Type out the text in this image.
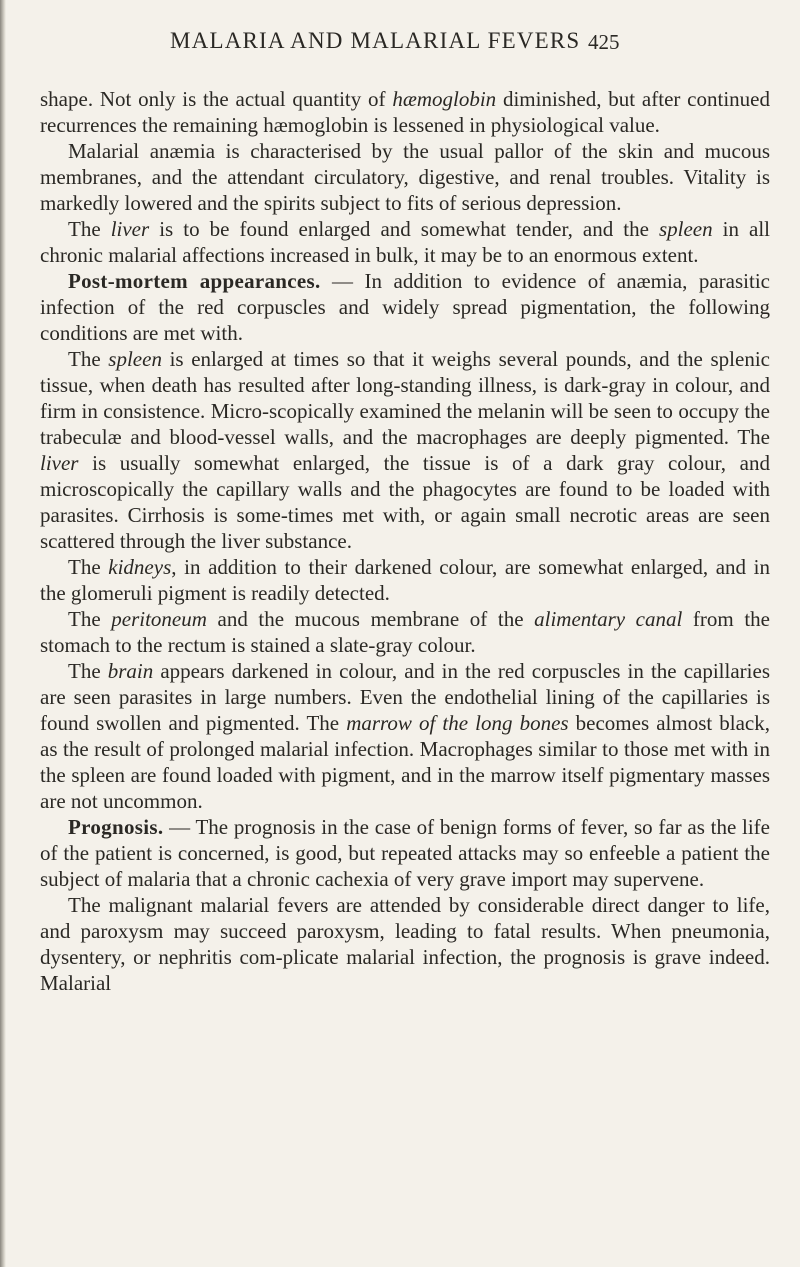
MALARIA AND MALARIAL FEVERS 425

shape. Not only is the actual quantity of hæmoglobin diminished, but after continued recurrences the remaining hæmoglobin is lessened in physiological value.

Malarial anæmia is characterised by the usual pallor of the skin and mucous membranes, and the attendant circulatory, digestive, and renal troubles. Vitality is markedly lowered and the spirits subject to fits of serious depression.

The liver is to be found enlarged and somewhat tender, and the spleen in all chronic malarial affections increased in bulk, it may be to an enormous extent.

Post-mortem appearances. — In addition to evidence of anæmia, parasitic infection of the red corpuscles and widely spread pigmentation, the following conditions are met with.

The spleen is enlarged at times so that it weighs several pounds, and the splenic tissue, when death has resulted after long-standing illness, is dark-gray in colour, and firm in consistence. Micro-scopically examined the melanin will be seen to occupy the trabeculæ and blood-vessel walls, and the macrophages are deeply pigmented. The liver is usually somewhat enlarged, the tissue is of a dark gray colour, and microscopically the capillary walls and the phagocytes are found to be loaded with parasites. Cirrhosis is some-times met with, or again small necrotic areas are seen scattered through the liver substance.

The kidneys, in addition to their darkened colour, are somewhat enlarged, and in the glomeruli pigment is readily detected.

The peritoneum and the mucous membrane of the alimentary canal from the stomach to the rectum is stained a slate-gray colour.

The brain appears darkened in colour, and in the red corpuscles in the capillaries are seen parasites in large numbers. Even the endothelial lining of the capillaries is found swollen and pigmented. The marrow of the long bones becomes almost black, as the result of prolonged malarial infection. Macrophages similar to those met with in the spleen are found loaded with pigment, and in the marrow itself pigmentary masses are not uncommon.

Prognosis. — The prognosis in the case of benign forms of fever, so far as the life of the patient is concerned, is good, but repeated attacks may so enfeeble a patient the subject of malaria that a chronic cachexia of very grave import may supervene.

The malignant malarial fevers are attended by considerable direct danger to life, and paroxysm may succeed paroxysm, leading to fatal results. When pneumonia, dysentery, or nephritis com-plicate malarial infection, the prognosis is grave indeed. Malarial
